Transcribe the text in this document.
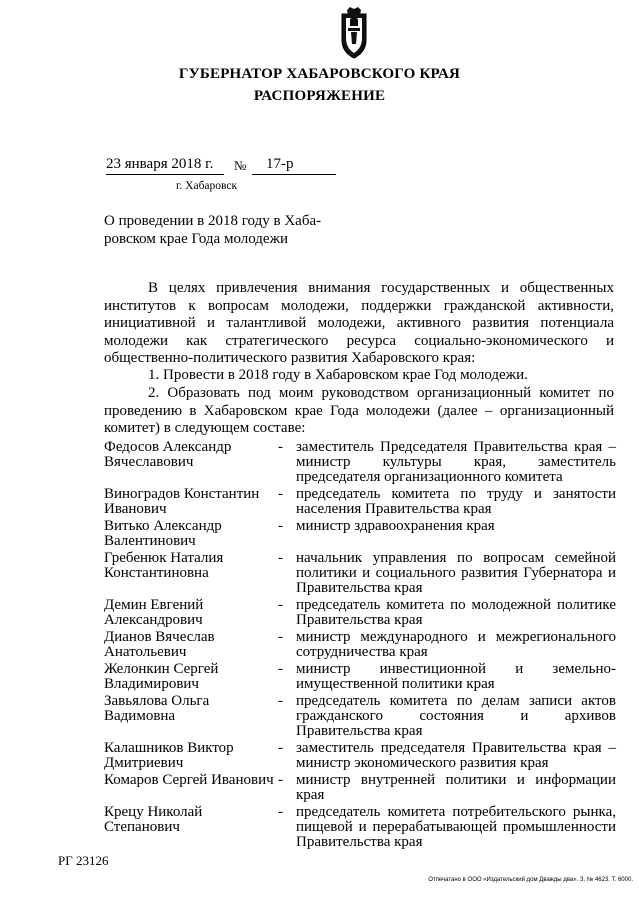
ГУБЕРНАТОР ХАБАРОВСКОГО КРАЯ
РАСПОРЯЖЕНИЕ
23 января 2018 г. № 17-р
г. Хабаровск
О проведении в 2018 году в Хаба-
ровском крае Года молодежи
В целях привлечения внимания государственных и общественных институтов к вопросам молодежи, поддержки гражданской активности, инициативной и талантливой молодежи, активного развития потенциала молодежи как стратегического ресурса социально-экономического и общественно-политического развития Хабаровского края:
1. Провести в 2018 году в Хабаровском крае Год молодежи.
2. Образовать под моим руководством организационный комитет по проведению в Хабаровском крае Года молодежи (далее – организационный комитет) в следующем составе:
Федосов Александр Вячеславович
- заместитель Председателя Правительства края – министр культуры края, заместитель председателя организационного комитета
Виноградов Константин Иванович
- председатель комитета по труду и занятости населения Правительства края
Витько Александр Валентинович
- министр здравоохранения края
Гребенюк Наталия Константиновна
- начальник управления по вопросам семейной политики и социального развития Губернатора и Правительства края
Демин Евгений Александрович
- председатель комитета по молодежной политике Правительства края
Дианов Вячеслав Анатольевич
- министр международного и межрегионального сотрудничества края
Желонкин Сергей Владимирович
- министр инвестиционной и земельно-имущественной политики края
Завьялова Ольга Вадимовна
- председатель комитета по делам записи актов гражданского состояния и архивов Правительства края
Калашников Виктор Дмитриевич
- заместитель председателя Правительства края – министр экономического развития края
Комаров Сергей Иванович - министр внутренней политики и информации края
Крецу Николай Степанович
- председатель комитета потребительского рынка, пищевой и перерабатывающей промышленности Правительства края
РГ 23126
Отпечатано в ООО «Издательский дом Дважды два». З. № 4623. Т. 6000.
